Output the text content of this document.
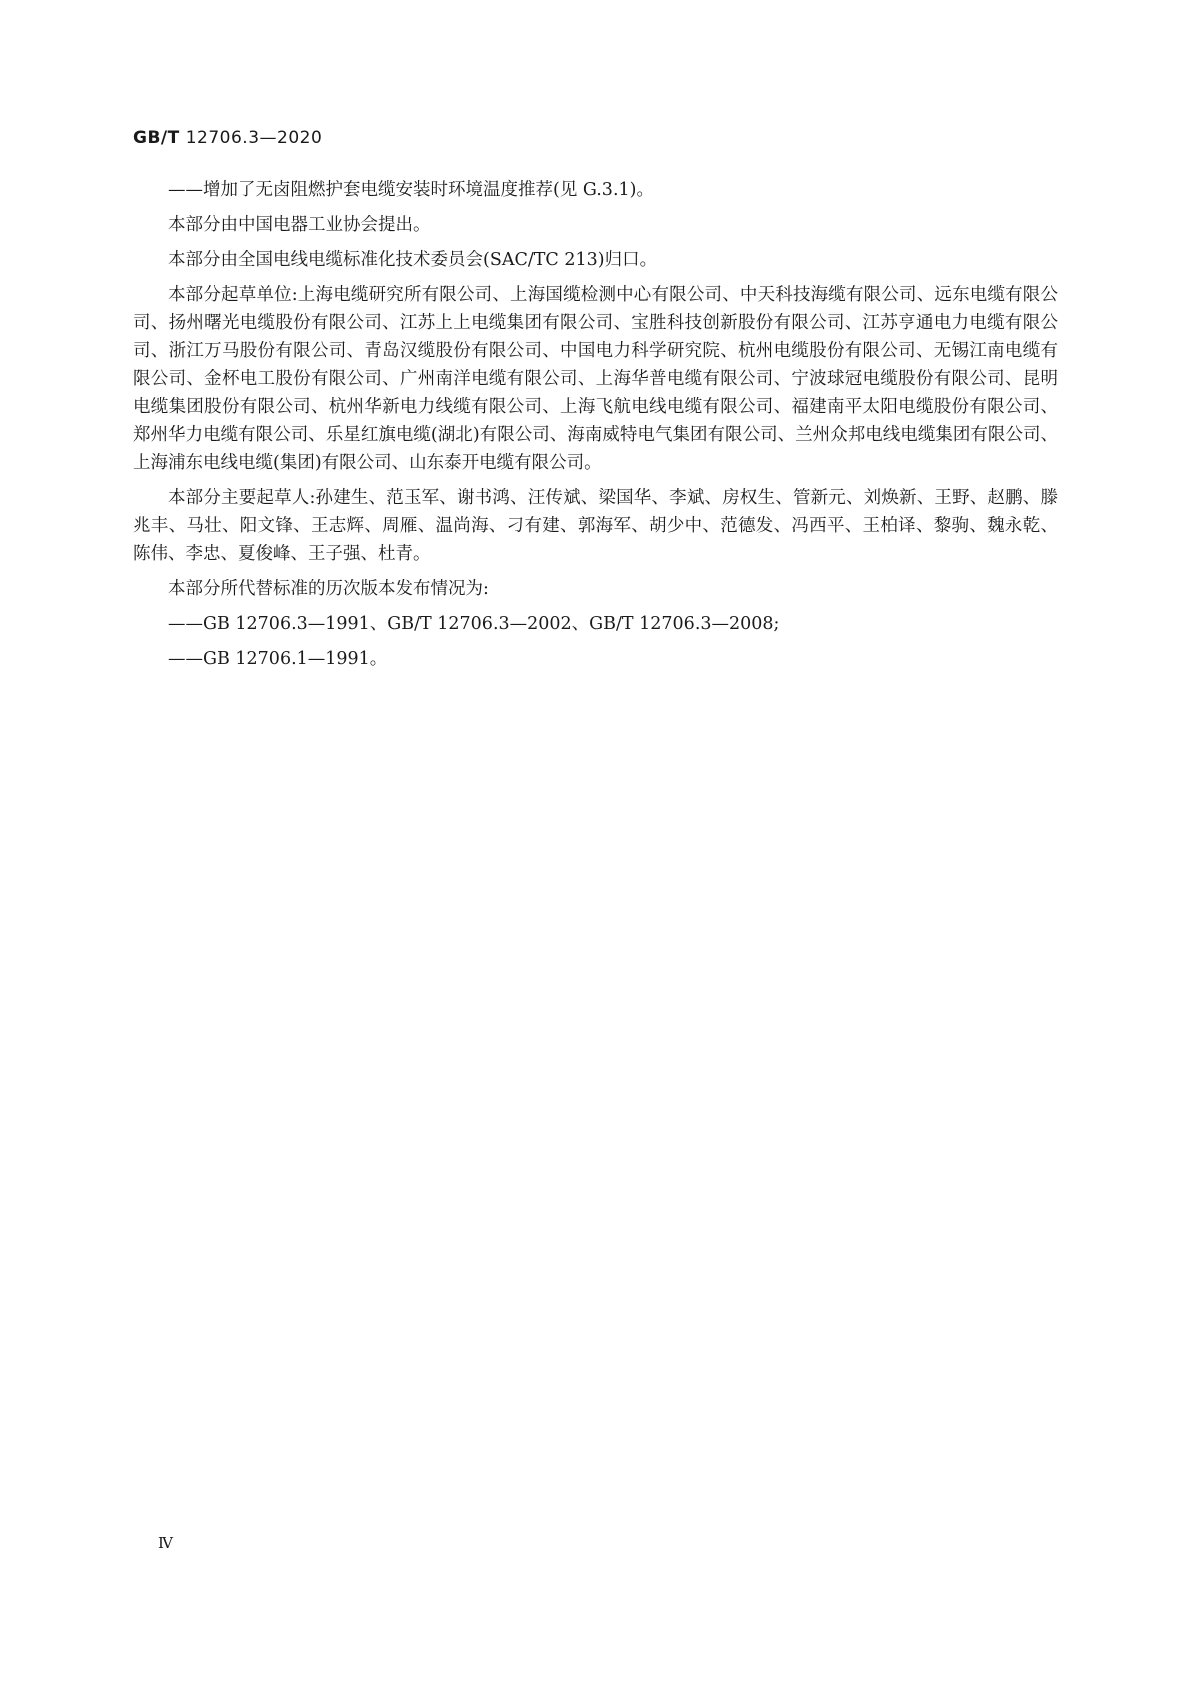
GB/T 12706.3—2020

——增加了无卤阻燃护套电缆安装时环境温度推荐(见 G.3.1)。

本部分由中国电器工业协会提出。

本部分由全国电线电缆标准化技术委员会(SAC/TC 213)归口。

本部分起草单位:上海电缆研究所有限公司、上海国缆检测中心有限公司、中天科技海缆有限公司、远东电缆有限公司、扬州曙光电缆股份有限公司、江苏上上电缆集团有限公司、宝胜科技创新股份有限公司、江苏亨通电力电缆有限公司、浙江万马股份有限公司、青岛汉缆股份有限公司、中国电力科学研究院、杭州电缆股份有限公司、无锡江南电缆有限公司、金杯电工股份有限公司、广州南洋电缆有限公司、上海华普电缆有限公司、宁波球冠电缆股份有限公司、昆明电缆集团股份有限公司、杭州华新电力线缆有限公司、上海飞航电线电缆有限公司、福建南平太阳电缆股份有限公司、郑州华力电缆有限公司、乐星红旗电缆(湖北)有限公司、海南威特电气集团有限公司、兰州众邦电线电缆集团有限公司、上海浦东电线电缆(集团)有限公司、山东泰开电缆有限公司。

本部分主要起草人:孙建生、范玉军、谢书鸿、汪传斌、梁国华、李斌、房权生、管新元、刘焕新、王野、赵鹏、滕兆丰、马壮、阳文锋、王志辉、周雁、温尚海、刁有建、郭海军、胡少中、范德发、冯西平、王柏译、黎驹、魏永乾、陈伟、李忠、夏俊峰、王子强、杜青。

本部分所代替标准的历次版本发布情况为:

——GB 12706.3—1991、GB/T 12706.3—2002、GB/T 12706.3—2008;

——GB 12706.1—1991。

Ⅳ
